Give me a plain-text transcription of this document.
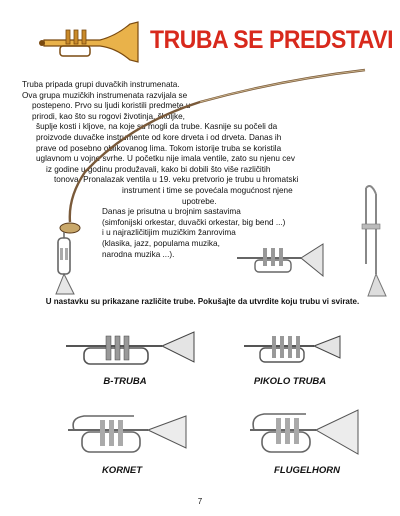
TRUBA SE PREDSTAVI

Truba pripada grupi duvačkih instrumenata.

Ova grupa muzičkih instrumenata razvijala se

postepeno. Prvo su ljudi koristili predmete u

prirodi, kao što su rogovi životinja, školjke,

šuplje kosti i kljove, na koje su mogli da trube. Kasnije su počeli da

proizvode duvačke instrumente od kore drveta i od drveta. Danas ih

prave od posebno oblikovanog lima. Tokom istorije truba se koristila

uglavnom u vojne svrhe. U početku nije imala ventile, zato su njenu cev

iz godine u godinu produžavali, kako bi dobili što više različitih

tonova. Pronalazak ventila u 19. veku pretvorio je trubu u hromatski

instrument i time se povećala mogućnost njene

upotrebe.

Danas je prisutna u brojnim sastavima

(simfonijski orkestar, duvački orkestar, big bend ...)

i u najrazličitijim muzičkim žanrovima

(klasika, jazz, populama muzika,

narodna muzika ...).

U nastavku su prikazane različite trube. Pokušajte da utvrdite koju trubu vi svirate.
B-TRUBA	PIKOLO TRUBA
KORNET	FLUGELHORN
7
